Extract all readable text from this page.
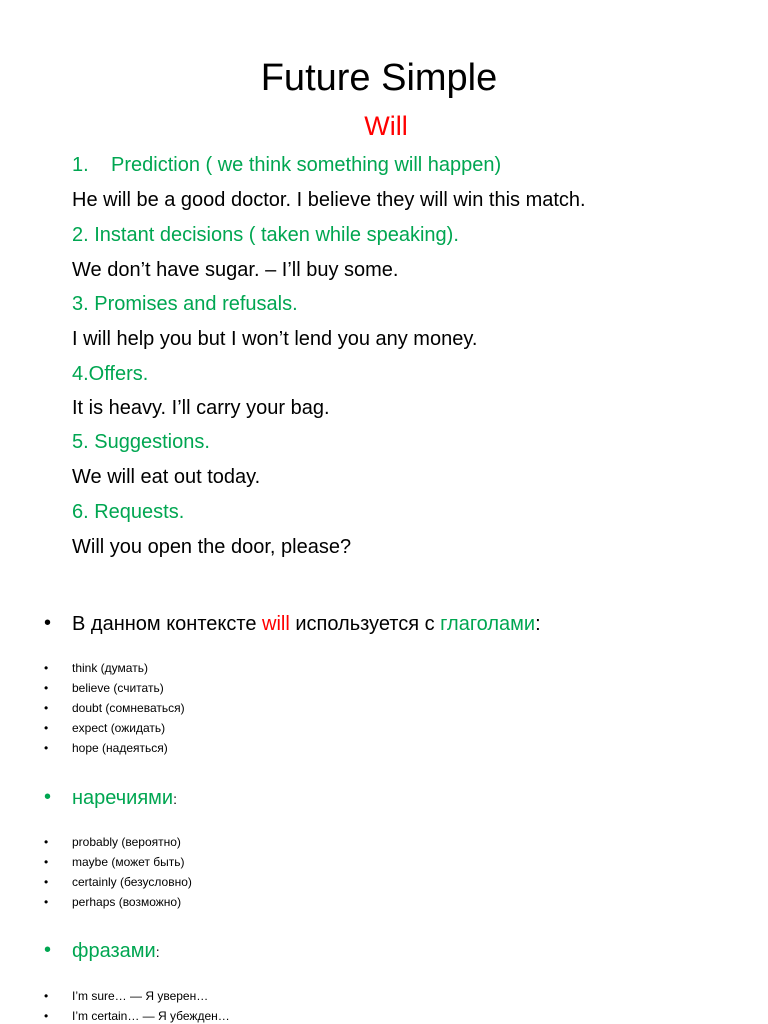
Future Simple
Will
1. Prediction ( we think something will happen)
He will be a good doctor. I believe they will win this match.
2. Instant decisions ( taken while speaking).
We don’t have sugar. – I’ll buy some.
3. Promises and refusals.
I will help you but I won’t lend you any money.
4.Offers.
It is heavy. I’ll carry your bag.
5. Suggestions.
We will eat out today.
6. Requests.
Will you open the door, please?
• В данном контексте will используется с глаголами:
• think (думать)
• believe (считать)
• doubt (сомневаться)
• expect (ожидать)
• hope (надеяться)
• наречиями:
• probably (вероятно)
• maybe (может быть)
• certainly (безусловно)
• perhaps (возможно)
• фразами:
• I’m sure… — Я уверен…
• I’m certain… — Я убежден…
